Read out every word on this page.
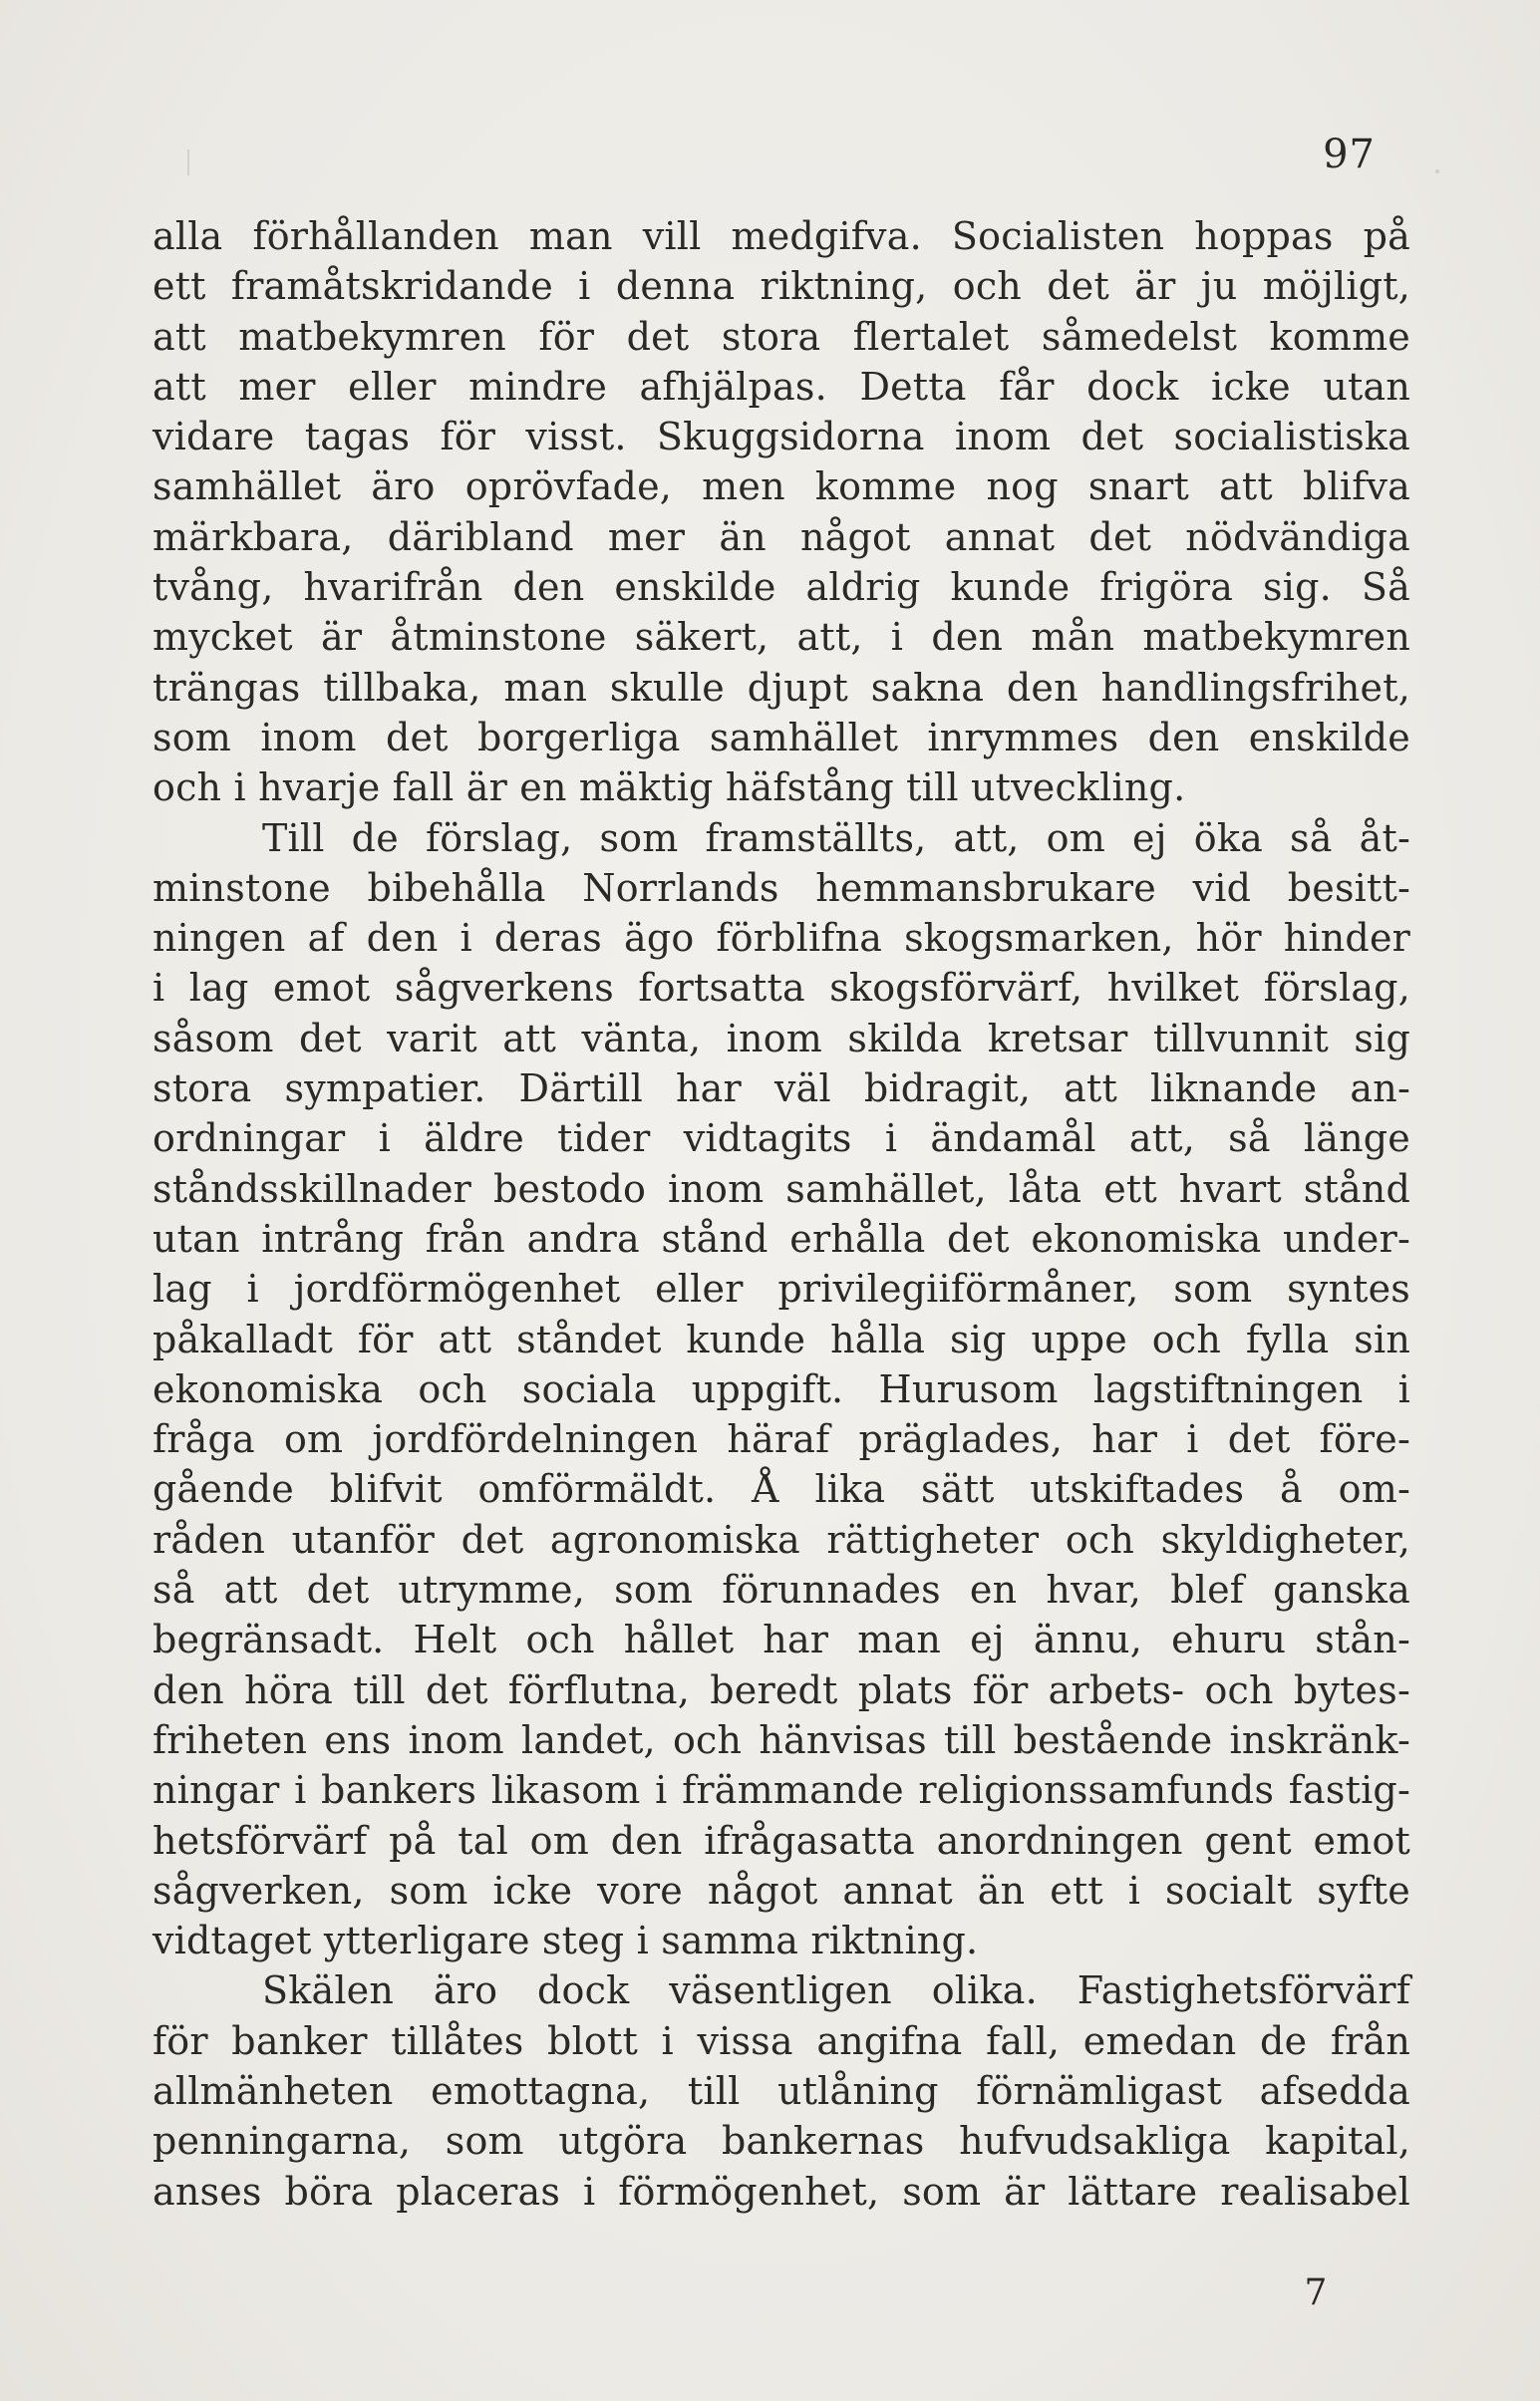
97
alla förhållanden man vill medgifva. Socialisten hoppas på
ett framåtskridande i denna riktning, och det är ju möjligt,
att matbekymren för det stora flertalet såmedelst komme
att mer eller mindre afhjälpas. Detta får dock icke utan
vidare tagas för visst. Skuggsidorna inom det socialistiska
samhället äro oprövfade, men komme nog snart att blifva
märkbara, däribland mer än något annat det nödvändiga
tvång, hvarifrån den enskilde aldrig kunde frigöra sig. Så
mycket är åtminstone säkert, att, i den mån matbekymren
trängas tillbaka, man skulle djupt sakna den handlingsfrihet,
som inom det borgerliga samhället inrymmes den enskilde
och i hvarje fall är en mäktig häfstång till utveckling.
Till de förslag, som framställts, att, om ej öka så åt-
minstone bibehålla Norrlands hemmansbrukare vid besitt-
ningen af den i deras ägo förblifna skogsmarken, hör hinder
i lag emot sågverkens fortsatta skogsförvärf, hvilket förslag,
såsom det varit att vänta, inom skilda kretsar tillvunnit sig
stora sympatier. Därtill har väl bidragit, att liknande an-
ordningar i äldre tider vidtagits i ändamål att, så länge
ståndsskillnader bestodo inom samhället, låta ett hvart stånd
utan intrång från andra stånd erhålla det ekonomiska under-
lag i jordförmögenhet eller privilegiiförmåner, som syntes
påkalladt för att ståndet kunde hålla sig uppe och fylla sin
ekonomiska och sociala uppgift. Hurusom lagstiftningen i
fråga om jordfördelningen häraf präglades, har i det före-
gående blifvit omförmäldt. Å lika sätt utskiftades å om-
råden utanför det agronomiska rättigheter och skyldigheter,
så att det utrymme, som förunnades en hvar, blef ganska
begränsadt. Helt och hållet har man ej ännu, ehuru stån-
den höra till det förflutna, beredt plats för arbets- och bytes-
friheten ens inom landet, och hänvisas till bestående inskränk-
ningar i bankers likasom i främmande religionssamfunds fastig-
hetsförvärf på tal om den ifrågasatta anordningen gent emot
sågverken, som icke vore något annat än ett i socialt syfte
vidtaget ytterligare steg i samma riktning.
Skälen äro dock väsentligen olika. Fastighetsförvärf
för banker tillåtes blott i vissa angifna fall, emedan de från
allmänheten emottagna, till utlåning förnämligast afsedda
penningarna, som utgöra bankernas hufvudsakliga kapital,
anses böra placeras i förmögenhet, som är lättare realisabel
7
